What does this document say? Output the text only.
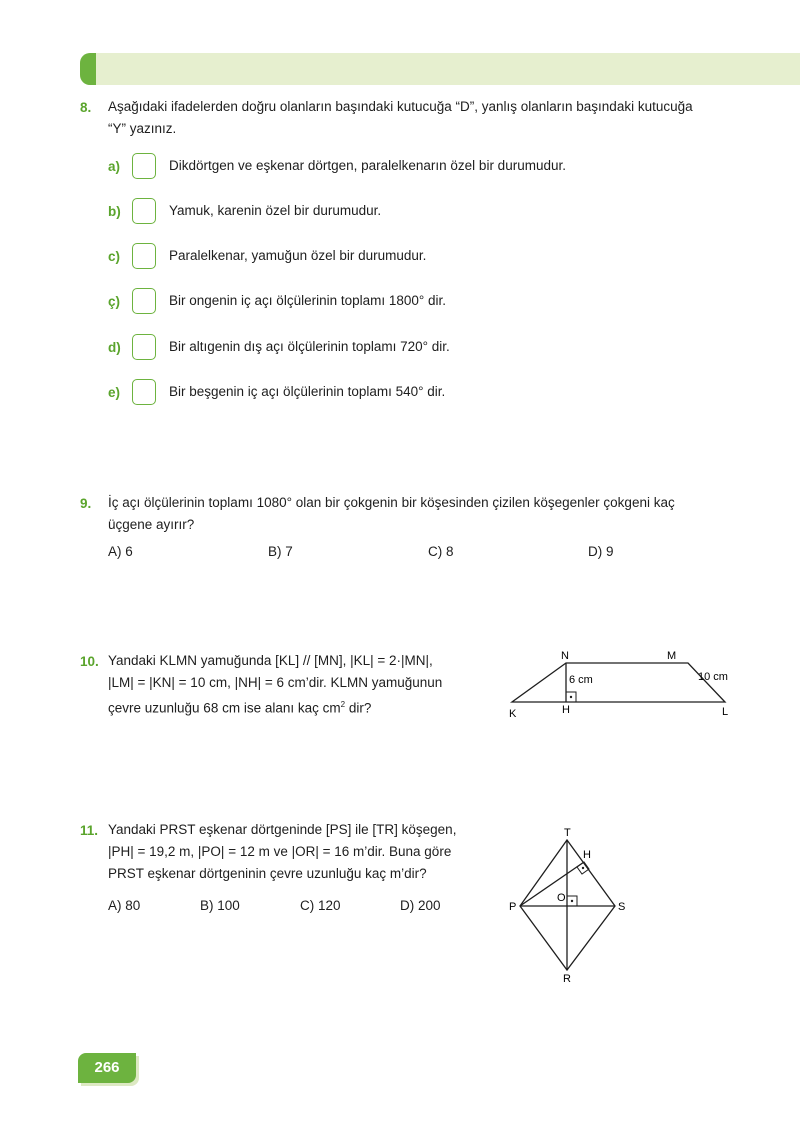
8. Aşağıdaki ifadelerden doğru olanların başındaki kutucuğa “D”, yanlış olanların başındaki kutucuğa
“Y” yazınız.
a)	Dikdörtgen ve eşkenar dörtgen, paralelkenarın özel bir durumudur.
b)	Yamuk, karenin özel bir durumudur.
c)	Paralelkenar, yamuğun özel bir durumudur.
ç)	Bir ongenin iç açı ölçülerinin toplamı 1800° dir.
d)	Bir altıgenin dış açı ölçülerinin toplamı 720° dir.
e)	Bir beşgenin iç açı ölçülerinin toplamı 540° dir.
9. İç açı ölçülerinin toplamı 1080° olan bir çokgenin bir köşesinden çizilen köşegenler çokgeni kaç
üçgene ayırır?
A) 6	B) 7	C) 8	D) 9
10. Yandaki KLMN yamuğunda [KL] // [MN], |KL| = 2·|MN|,
|LM| = |KN| = 10 cm, |NH| = 6 cm’dir. KLMN yamuğunun
çevre uzunluğu 68 cm ise alanı kaç $cm^2$ dir?
N	M
K	H	L
6 cm	10 cm
11. Yandaki PRST eşkenar dörtgeninde [PS] ile [TR] köşegen,
|PH| = 19,2 m, |PO| = 12 m ve |OR| = 16 m’dir. Buna göre
PRST eşkenar dörtgeninin çevre uzunluğu kaç m’dir?
A) 80	B) 100	C) 120	D) 200
T
H
O
P	S
R
266
